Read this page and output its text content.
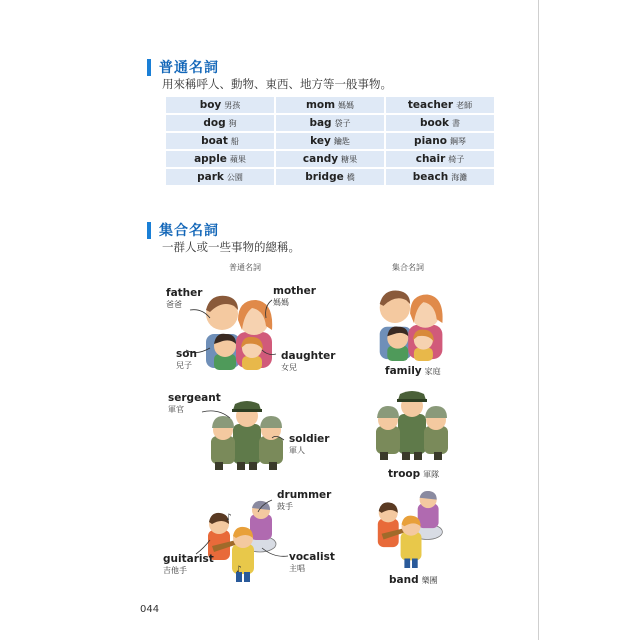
普通名詞
用來稱呼人、動物、東西、地方等一般事物。
boy 男孩	mom 媽媽	teacher 老師
dog 狗	bag 袋子	book 書
boat 船	key 鑰匙	piano 鋼琴
apple 蘋果	candy 糖果	chair 椅子
park 公園	bridge 橋	beach 海灘
集合名詞
一群人或一些事物的總稱。
普通名詞	集合名詞
father
爸爸
mother
媽媽
son
兒子
daughter
女兒	family 家庭
sergeant
軍官
soldier
軍人
troop 軍隊
♪
♪
drummer
鼓手
guitarist
吉他手
vocalist
主唱
band 樂團
044
